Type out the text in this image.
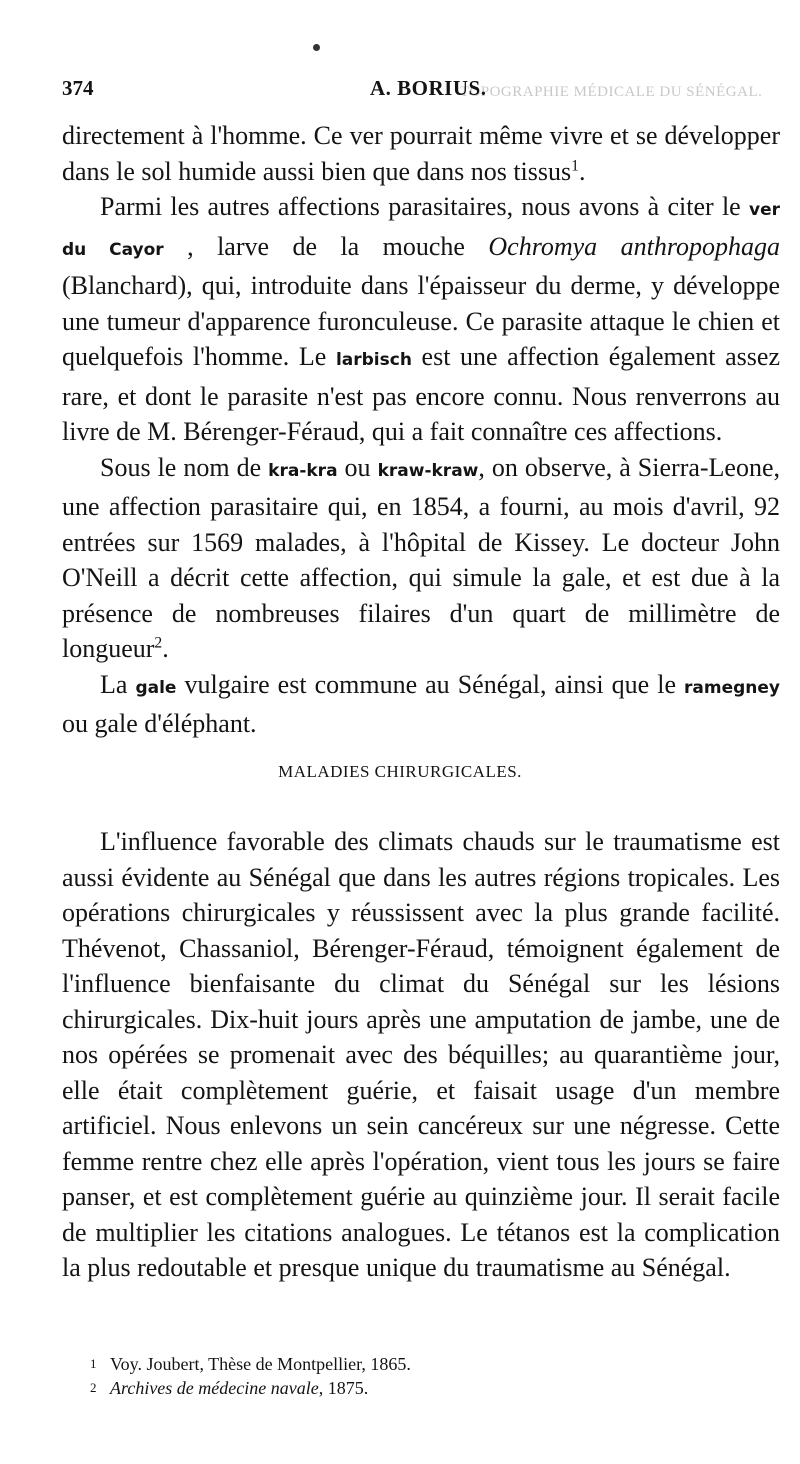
TOPOGRAPHIE MÉDICALE DU SÉNÉGAL.
374	A. BORIUS.

directement à l'homme. Ce ver pourrait même vivre et se développer dans le sol humide aussi bien que dans nos tissus$^1$.

Parmi les autres affections parasitaires, nous avons à citer le ver du Cayor , larve de la mouche Ochromya anthropophaga (Blanchard), qui, introduite dans l'épaisseur du derme, y développe une tumeur d'apparence furonculeuse. Ce parasite attaque le chien et quelquefois l'homme. Le larbisch est une affection également assez rare, et dont le parasite n'est pas encore connu. Nous renverrons au livre de M. Bérenger-Féraud, qui a fait connaître ces affections.

Sous le nom de kra-kra ou kraw-kraw, on observe, à Sierra-Leone, une affection parasitaire qui, en 1854, a fourni, au mois d'avril, 92 entrées sur 1569 malades, à l'hôpital de Kissey. Le docteur John O'Neill a décrit cette affection, qui simule la gale, et est due à la présence de nombreuses filaires d'un quart de millimètre de longueur$^2$.

La gale vulgaire est commune au Sénégal, ainsi que le ramegney ou gale d'éléphant.

MALADIES CHIRURGICALES.

L'influence favorable des climats chauds sur le traumatisme est aussi évidente au Sénégal que dans les autres régions tropicales. Les opérations chirurgicales y réussissent avec la plus grande facilité. Thévenot, Chassaniol, Bérenger-Féraud, témoignent également de l'influence bienfaisante du climat du Sénégal sur les lésions chirurgicales. Dix-huit jours après une amputation de jambe, une de nos opérées se promenait avec des béquilles; au quarantième jour, elle était complètement guérie, et faisait usage d'un membre artificiel. Nous enlevons un sein cancéreux sur une négresse. Cette femme rentre chez elle après l'opération, vient tous les jours se faire panser, et est complètement guérie au quinzième jour. Il serait facile de multiplier les citations analogues. Le tétanos est la complication la plus redoutable et presque unique du traumatisme au Sénégal.

1 Voy. Joubert, Thèse de Montpellier, 1865.
2 Archives de médecine navale, 1875.
